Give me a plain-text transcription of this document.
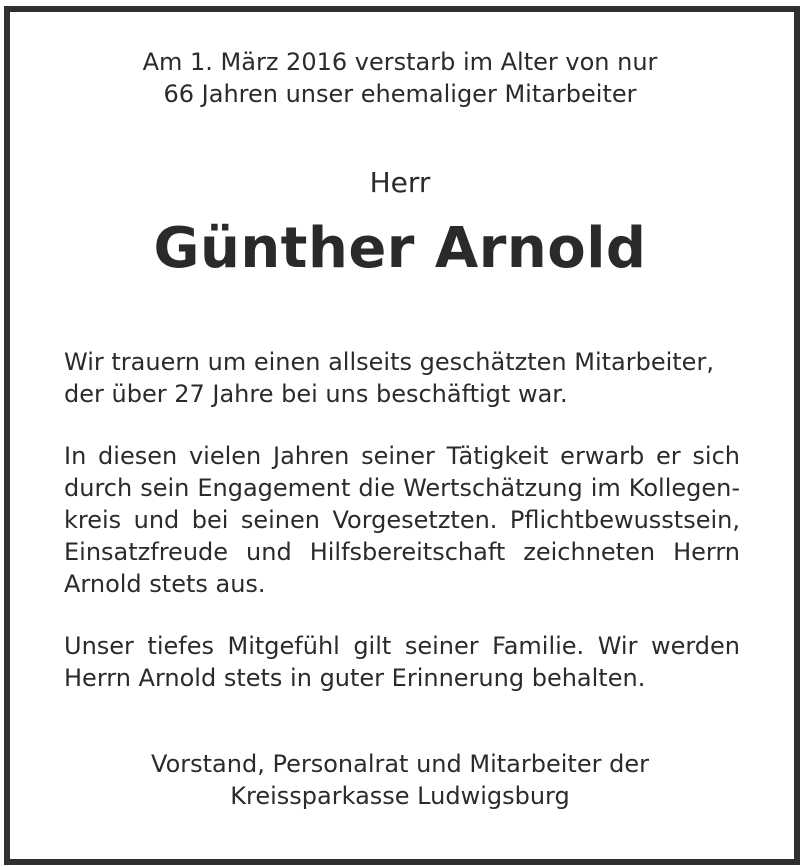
Am 1. März 2016 verstarb im Alter von nur
66 Jahren unser ehemaliger Mitarbeiter
Herr
Günther Arnold
Wir trauern um einen allseits geschätzten Mitarbeiter,
der über 27 Jahre bei uns beschäftigt war.
In diesen vielen Jahren seiner Tätigkeit erwarb er sich
durch sein Engagement die Wertschätzung im Kollegen-
kreis und bei seinen Vorgesetzten. Pflichtbewusstsein,
Einsatzfreude und Hilfsbereitschaft zeichneten Herrn
Arnold stets aus.
Unser tiefes Mitgefühl gilt seiner Familie. Wir werden
Herrn Arnold stets in guter Erinnerung behalten.
Vorstand, Personalrat und Mitarbeiter der
Kreissparkasse Ludwigsburg
